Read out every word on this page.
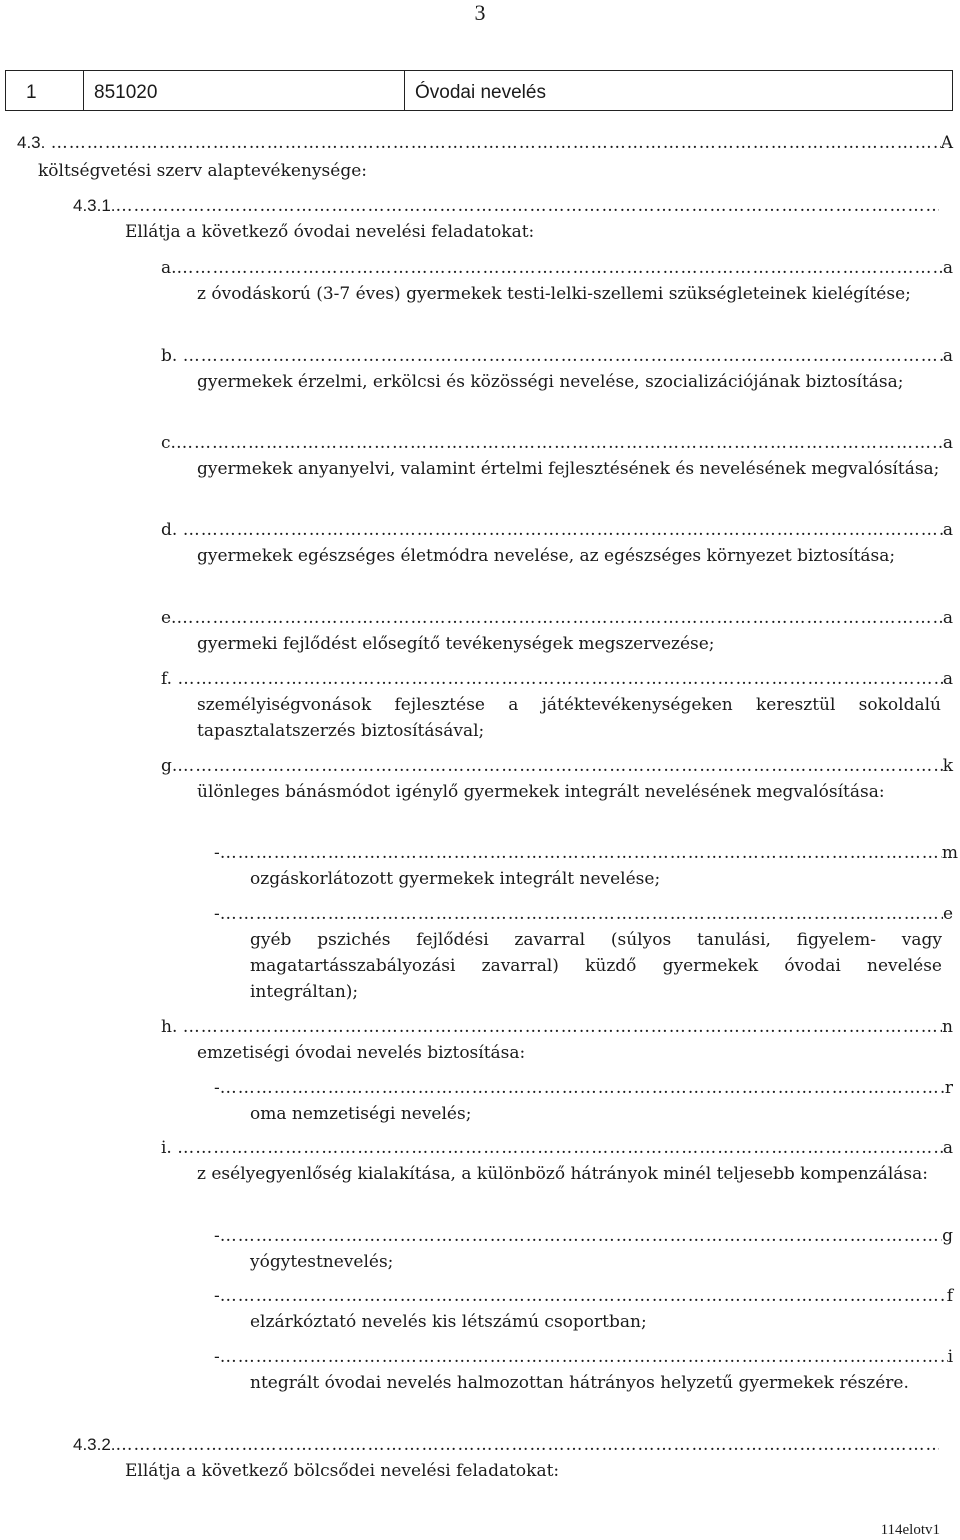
3
1	851020	Óvodai nevelés
4.3.
…………………………………………………………………………………………………………………………………………………………………………………………………………………………………………………………	A
költségvetési szerv alaptevékenysége:
4.3.1.
…………………………………………………………………………………………………………………………………………………………………………………………………………………………………………………………
Ellátja a következő óvodai nevelési feladatokat:
a. …………………………………………………………………………………………………………………………………………………………………………………………………………………………………………………………	a
z óvodáskorú (3-7 éves) gyermekek testi-lelki-szellemi szükségleteinek kielégítése;
b.
…………………………………………………………………………………………………………………………………………………………………………………………………………………………………………………………	a
gyermekek érzelmi, erkölcsi és közösségi nevelése, szocializációjának biztosítása;
c. …………………………………………………………………………………………………………………………………………………………………………………………………………………………………………………………	a
gyermekek anyanyelvi, valamint értelmi fejlesztésének és nevelésének megvalósítása;
d.
…………………………………………………………………………………………………………………………………………………………………………………………………………………………………………………………	a
gyermekek egészséges életmódra nevelése, az egészséges környezet biztosítása;
e. …………………………………………………………………………………………………………………………………………………………………………………………………………………………………………………………	a
gyermeki fejlődést elősegítő tevékenységek megszervezése;
f.
…………………………………………………………………………………………………………………………………………………………………………………………………………………………………………………………	a
személyiségvonások fejlesztése a játéktevékenységeken keresztül sokoldalú tapasztalatszerzés biztosításával;
g. …………………………………………………………………………………………………………………………………………………………………………………………………………………………………………………………	k
ülönleges bánásmódot igénylő gyermekek integrált nevelésének megvalósítása:
- …………………………………………………………………………………………………………………………………………………………………………………………………………………………………………………………	m
ozgáskorlátozott gyermekek integrált nevelése;
- …………………………………………………………………………………………………………………………………………………………………………………………………………………………………………………………	e
gyéb pszichés fejlődési zavarral (súlyos tanulási, figyelem- vagy magatartásszabályozási zavarral) küzdő gyermekek óvodai nevelése integráltan);
h.
…………………………………………………………………………………………………………………………………………………………………………………………………………………………………………………………	n
emzetiségi óvodai nevelés biztosítása:
- …………………………………………………………………………………………………………………………………………………………………………………………………………………………………………………………	r
oma nemzetiségi nevelés;
i.
…………………………………………………………………………………………………………………………………………………………………………………………………………………………………………………………	a
z esélyegyenlőség kialakítása, a különböző hátrányok minél teljesebb kompenzálása:
- …………………………………………………………………………………………………………………………………………………………………………………………………………………………………………………………	g
yógytestnevelés;
- …………………………………………………………………………………………………………………………………………………………………………………………………………………………………………………………	f
elzárkóztató nevelés kis létszámú csoportban;
- …………………………………………………………………………………………………………………………………………………………………………………………………………………………………………………………	i
ntegrált óvodai nevelés halmozottan hátrányos helyzetű gyermekek részére.
4.3.2.
…………………………………………………………………………………………………………………………………………………………………………………………………………………………………………………………
Ellátja a következő bölcsődei nevelési feladatokat:
114elotv1
